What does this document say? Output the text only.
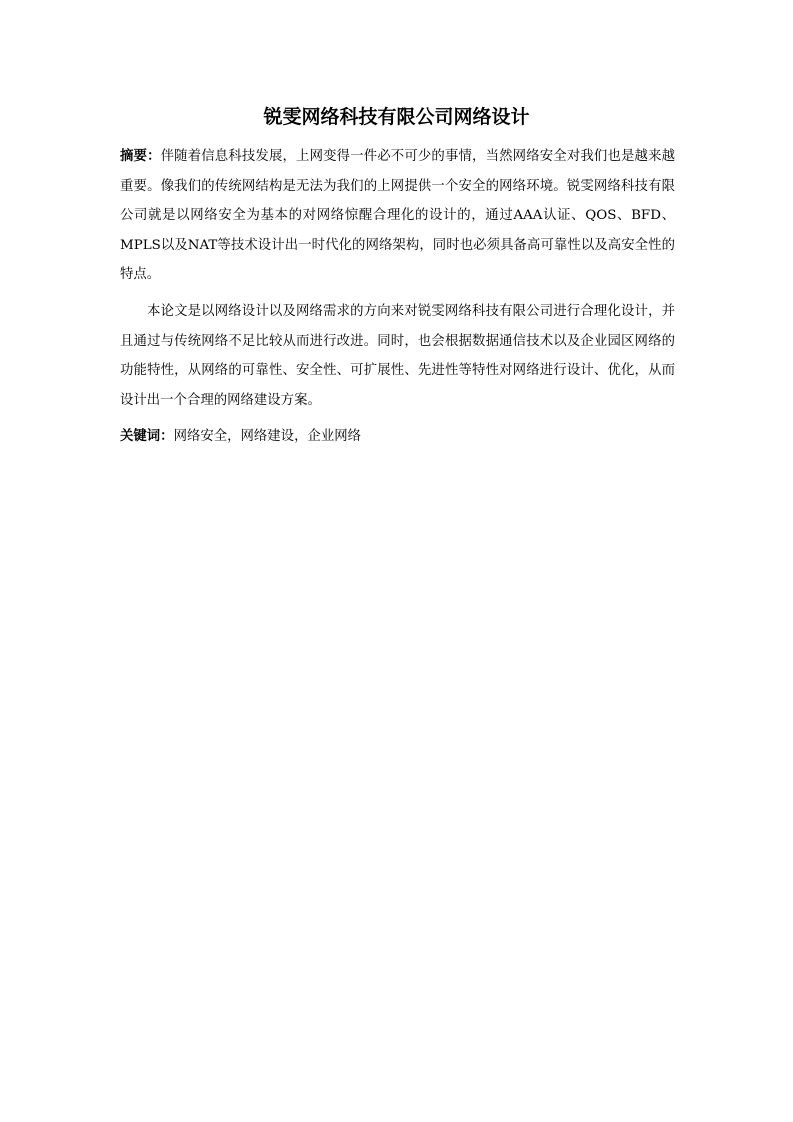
锐雯网络科技有限公司网络设计

摘要：伴随着信息科技发展，上网变得一件必不可少的事情，当然网络安全对我们也是越来越重要。像我们的传统网结构是无法为我们的上网提供一个安全的网络环境。锐雯网络科技有限公司就是以网络安全为基本的对网络惊醒合理化的设计的，通过AAA认证、QOS、BFD、MPLS以及NAT等技术设计出一时代化的网络架构，同时也必须具备高可靠性以及高安全性的特点。

本论文是以网络设计以及网络需求的方向来对锐雯网络科技有限公司进行合理化设计，并且通过与传统网络不足比较从而进行改进。同时，也会根据数据通信技术以及企业园区网络的功能特性，从网络的可靠性、安全性、可扩展性、先进性等特性对网络进行设计、优化，从而设计出一个合理的网络建设方案。

关键词：网络安全，网络建设，企业网络
